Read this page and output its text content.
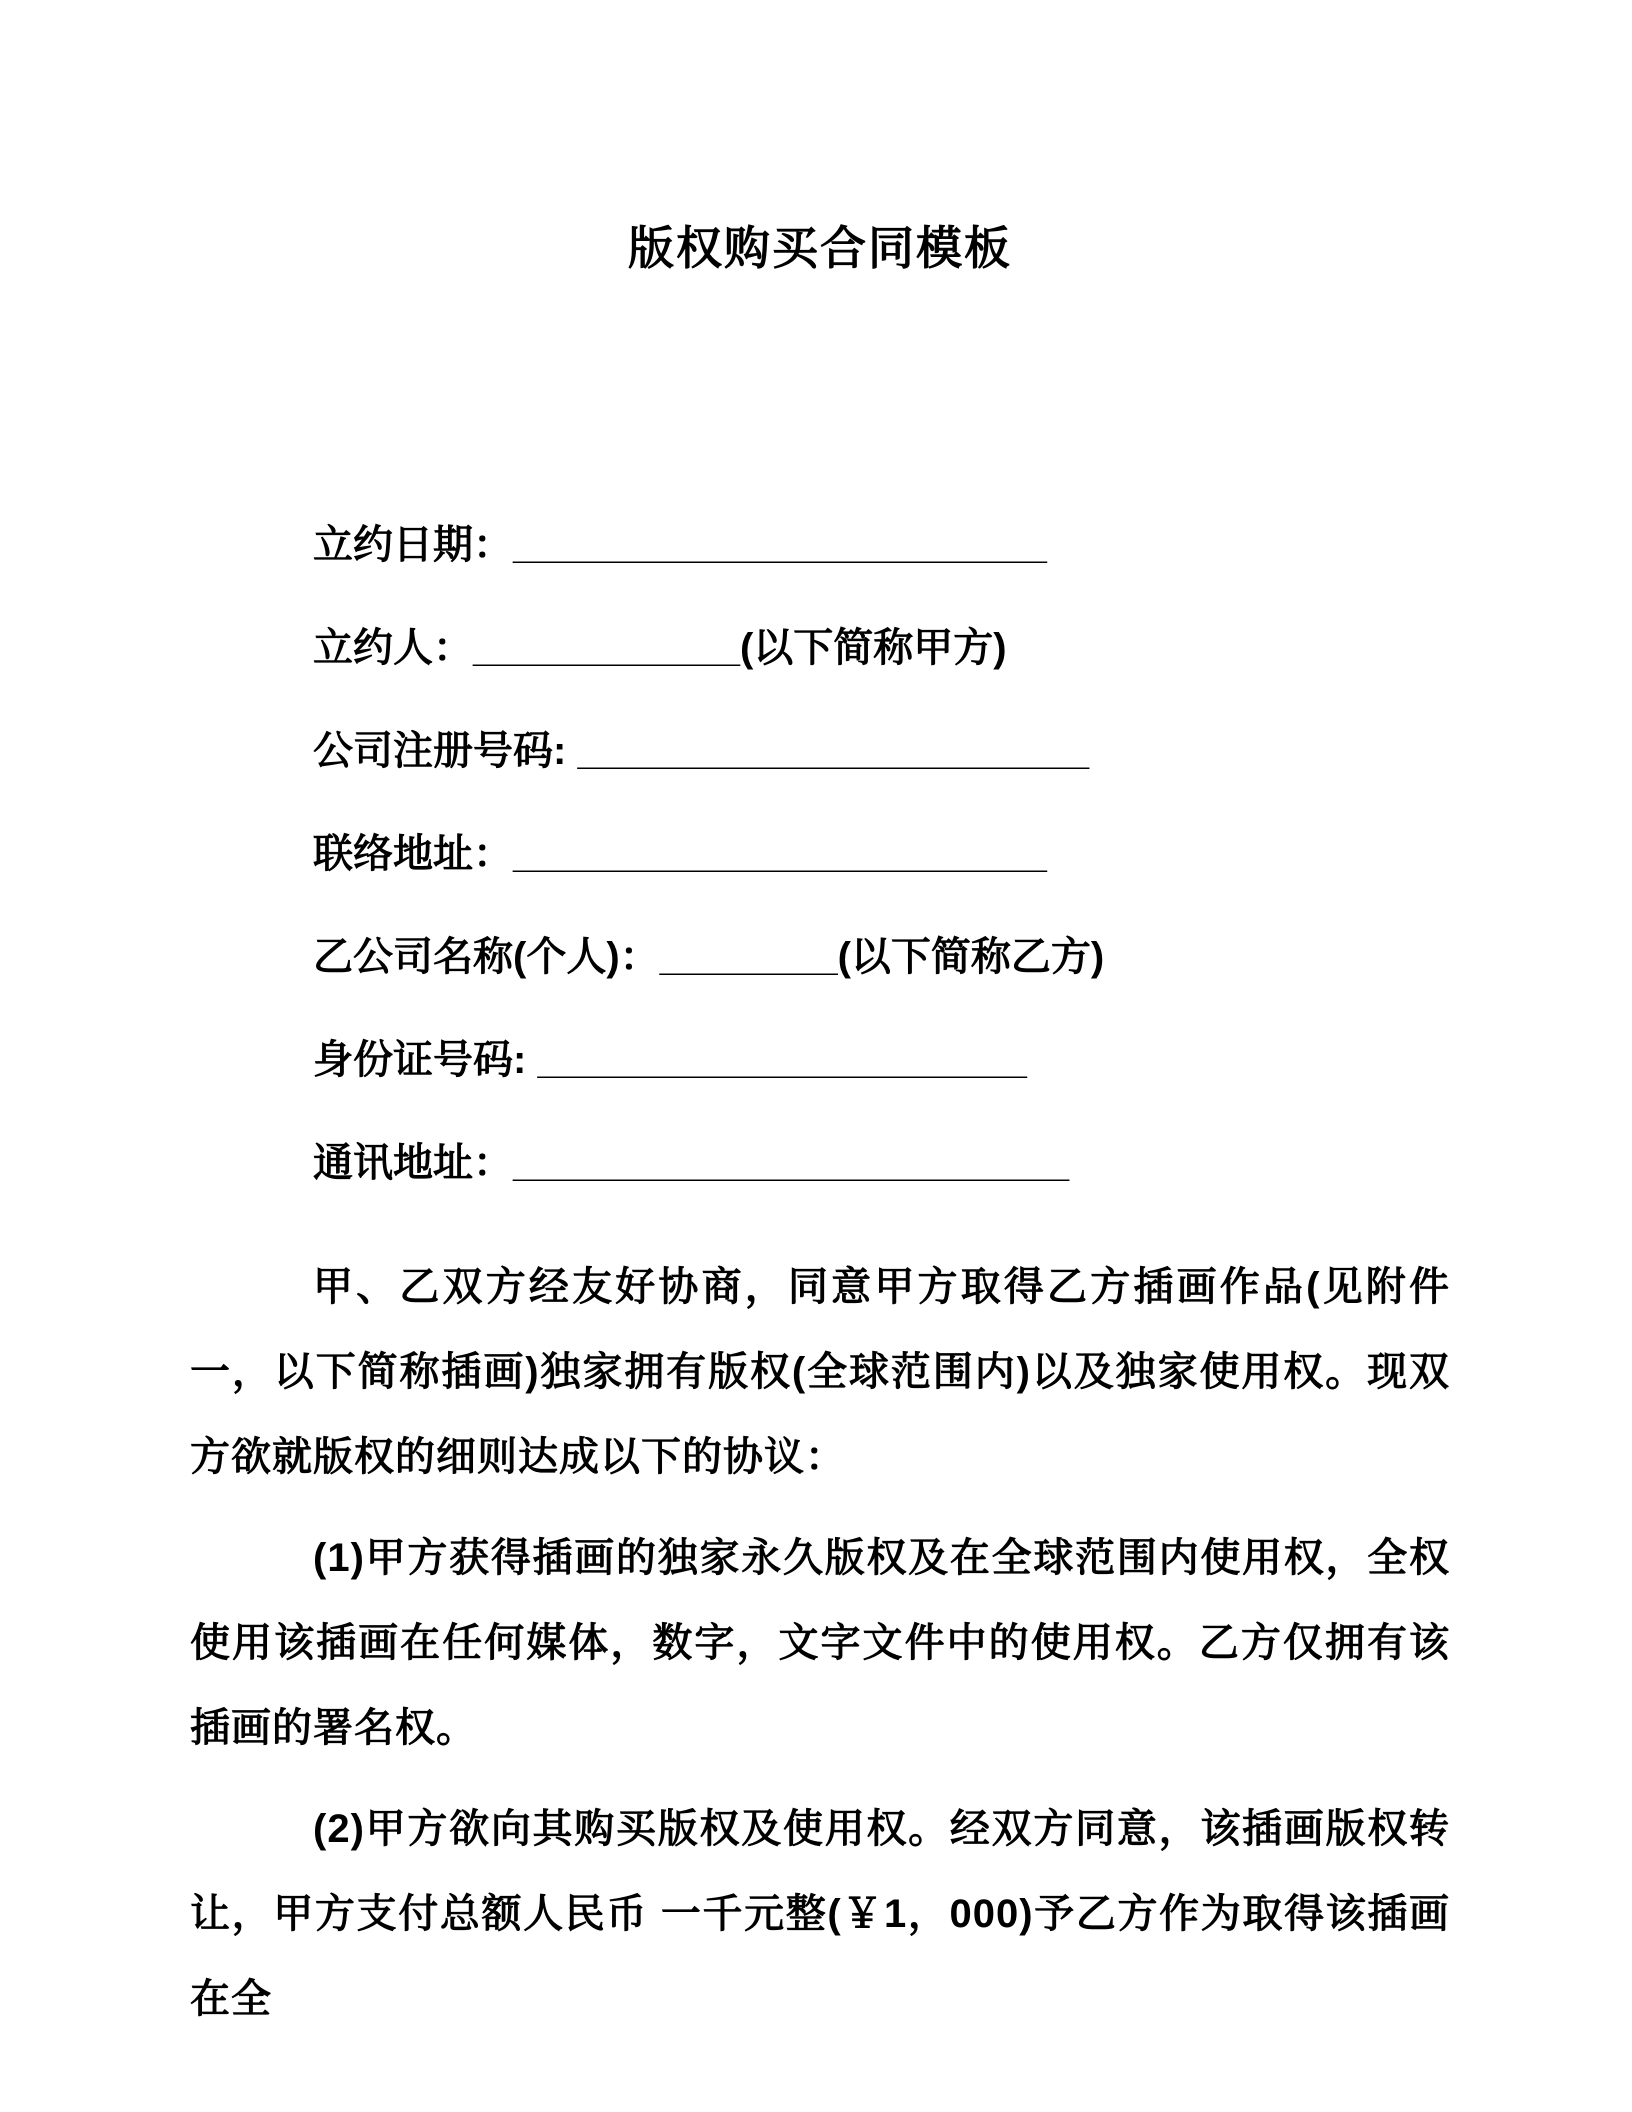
版权购买合同模板
立约日期：________________________
立约人：____________(以下简称甲方)
公司注册号码: _______________________
联络地址：________________________
乙公司名称(个人)：________(以下简称乙方)
身份证号码: ______________________
通讯地址：_________________________

甲、乙双方经友好协商，同意甲方取得乙方插画作品(见附件一，以下简称插画)独家拥有版权(全球范围内)以及独家使用权。现双方欲就版权的细则达成以下的协议：

(1)甲方获得插画的独家永久版权及在全球范围内使用权，全权使用该插画在任何媒体，数字，文字文件中的使用权。乙方仅拥有该插画的署名权。

(2)甲方欲向其购买版权及使用权。经双方同意，该插画版权转让，甲方支付总额人民币 一千元整(￥1，000)予乙方作为取得该插画在全
